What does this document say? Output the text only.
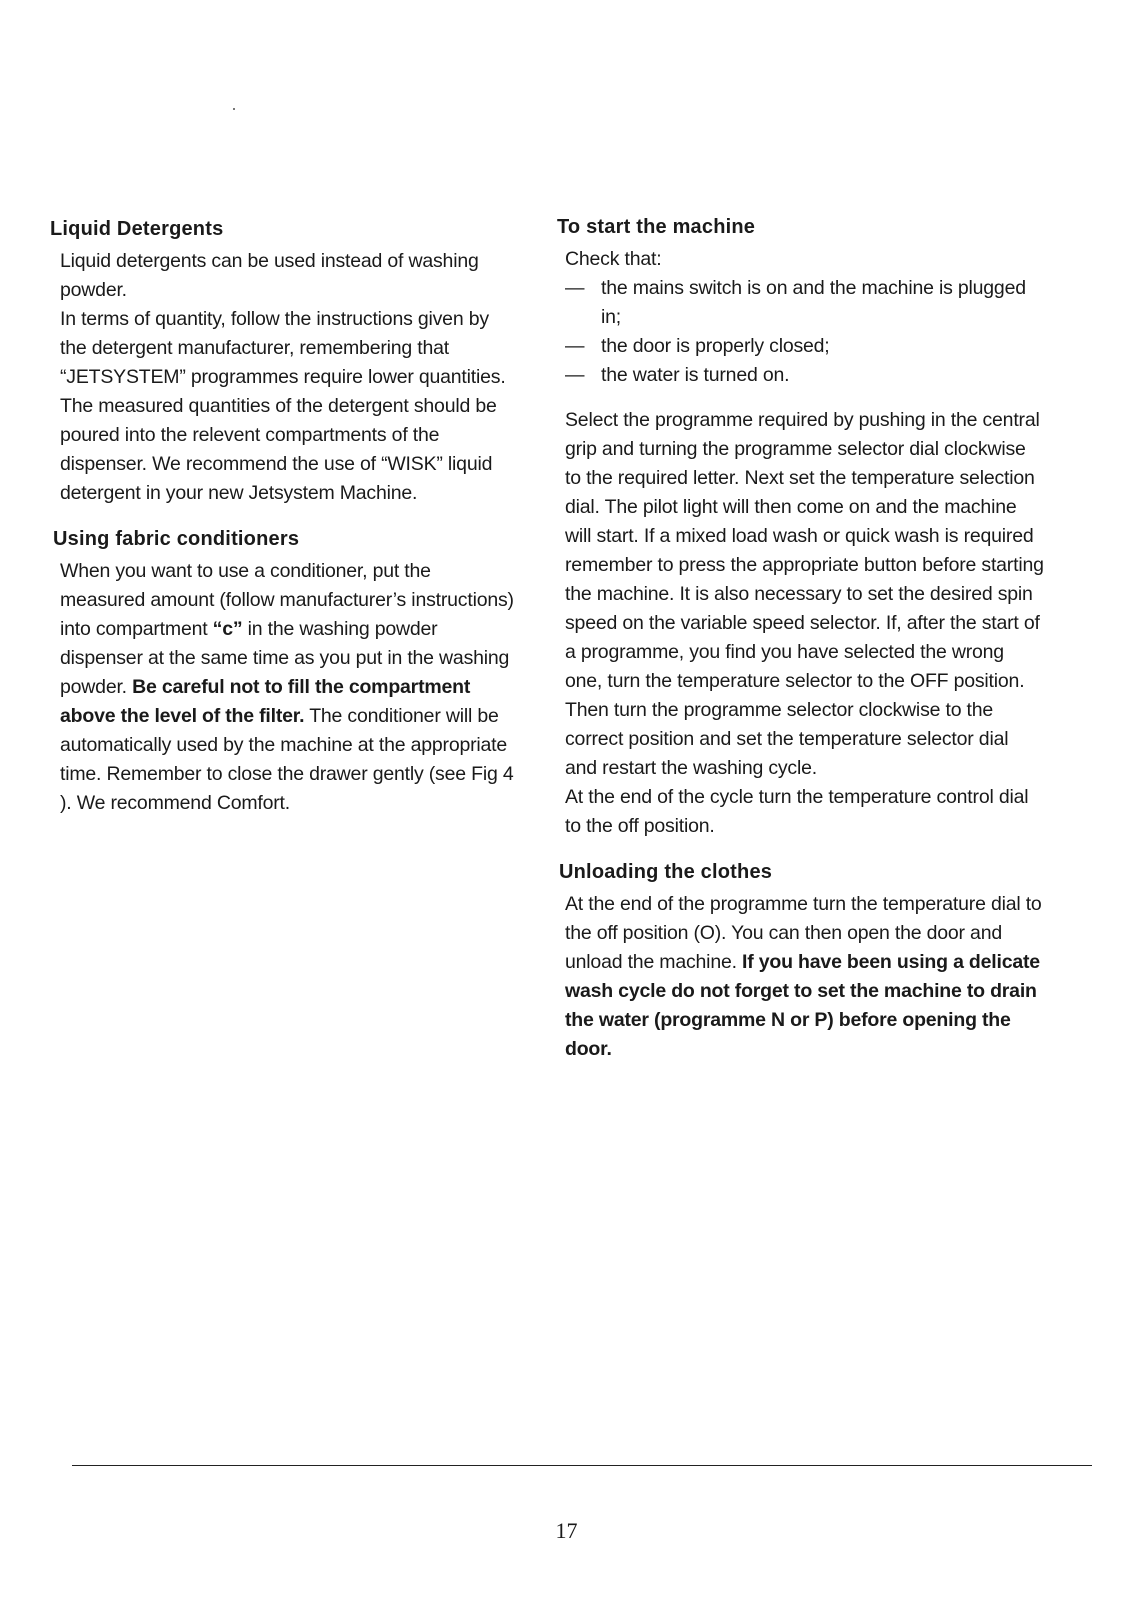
Liquid Detergents

Liquid detergents can be used instead of washing powder.

In terms of quantity, follow the instructions given by the detergent manufacturer, remembering that “JETSYSTEM” programmes require lower quantities.

The measured quantities of the detergent should be poured into the relevent compartments of the dispenser. We recommend the use of “WISK” liquid detergent in your new Jetsystem Machine.

Using fabric conditioners

When you want to use a conditioner, put the measured amount (follow manufacturer’s instructions) into compartment “c” in the washing powder dispenser at the same time as you put in the washing powder. Be careful not to fill the compartment above the level of the filter. The conditioner will be automatically used by the machine at the appropriate time. Remember to close the drawer gently (see Fig 4 ). We recommend Comfort.

To start the machine

Check that:

— the mains switch is on and the machine is plugged in;
— the door is properly closed;
— the water is turned on.

Select the programme required by pushing in the central grip and turning the programme selector dial clockwise to the required letter. Next set the temperature selection dial. The pilot light will then come on and the machine will start. If a mixed load wash or quick wash is required remember to press the appropriate button before starting the machine. It is also necessary to set the desired spin speed on the variable speed selector. If, after the start of a programme, you find you have selected the wrong one, turn the temperature selector to the OFF position. Then turn the programme selector clockwise to the correct position and set the temperature selector dial and restart the washing cycle.

At the end of the cycle turn the temperature control dial to the off position.

Unloading the clothes

At the end of the programme turn the temperature dial to the off position (O). You can then open the door and unload the machine. If you have been using a delicate wash cycle do not forget to set the machine to drain the water (programme N or P) before opening the door.

17
